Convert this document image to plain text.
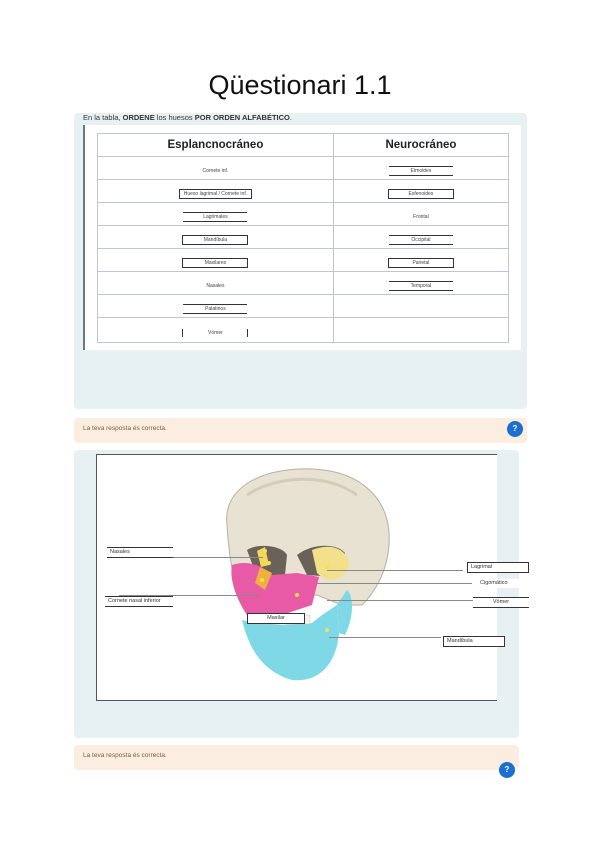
Qüestionari 1.1
En la tabla, ORDENE los huesos POR ORDEN ALFABÉTICO.
Esplancnocráneo	Neurocráneo
Cornete inf.	Etmoides
Hueso lagrimal / Cornete inf.	Esfenoides
Lagrimales	Frontal
Mandíbula	Occipital
Maxilares	Parietal
Nasales	Temporal
Palatinos	
Vómer	
La teva resposta és correcta.	?
Nasales
Cornete nasal inferior
Maxilar
Lagrimal
Cigomático
Vómer
Mandíbula
La teva resposta és correcta.
?
